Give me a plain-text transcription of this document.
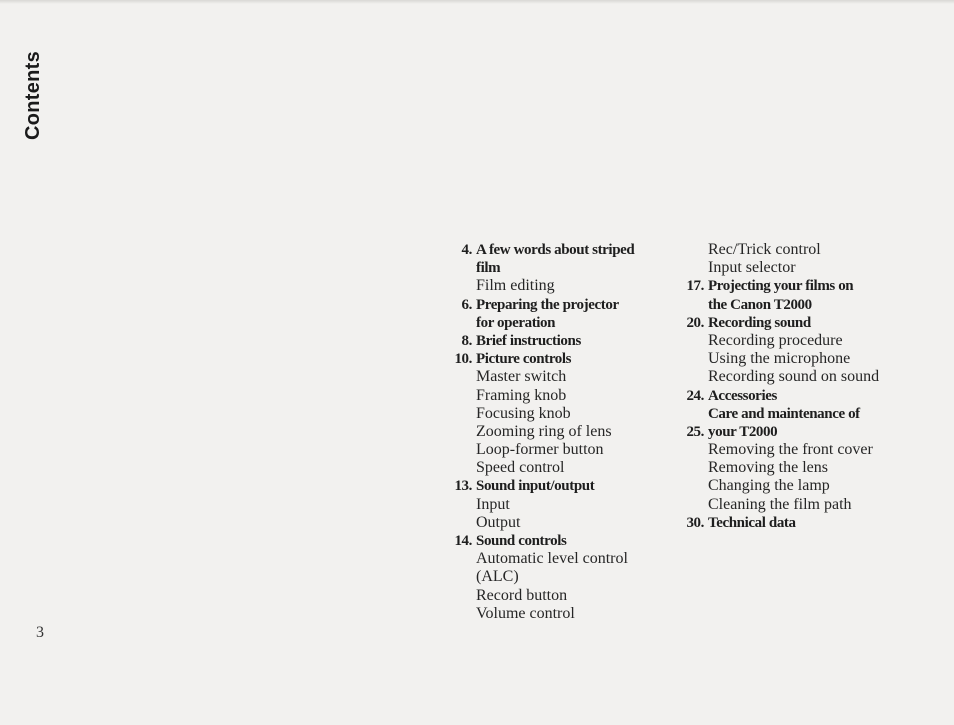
Contents
4. A few words about striped
film
Film editing
6. Preparing the projector
for operation
8. Brief instructions
10. Picture controls
Master switch
Framing knob
Focusing knob
Zooming ring of lens
Loop-former button
Speed control
13. Sound input/output
Input
Output
14. Sound controls
Automatic level control
(ALC)
Record button
Volume control
Rec/Trick control
Input selector
17. Projecting your films on
the Canon T2000
20. Recording sound
Recording procedure
Using the microphone
Recording sound on sound
24. Accessories
Care and maintenance of
25. your T2000
Removing the front cover
Removing the lens
Changing the lamp
Cleaning the film path
30. Technical data
3
